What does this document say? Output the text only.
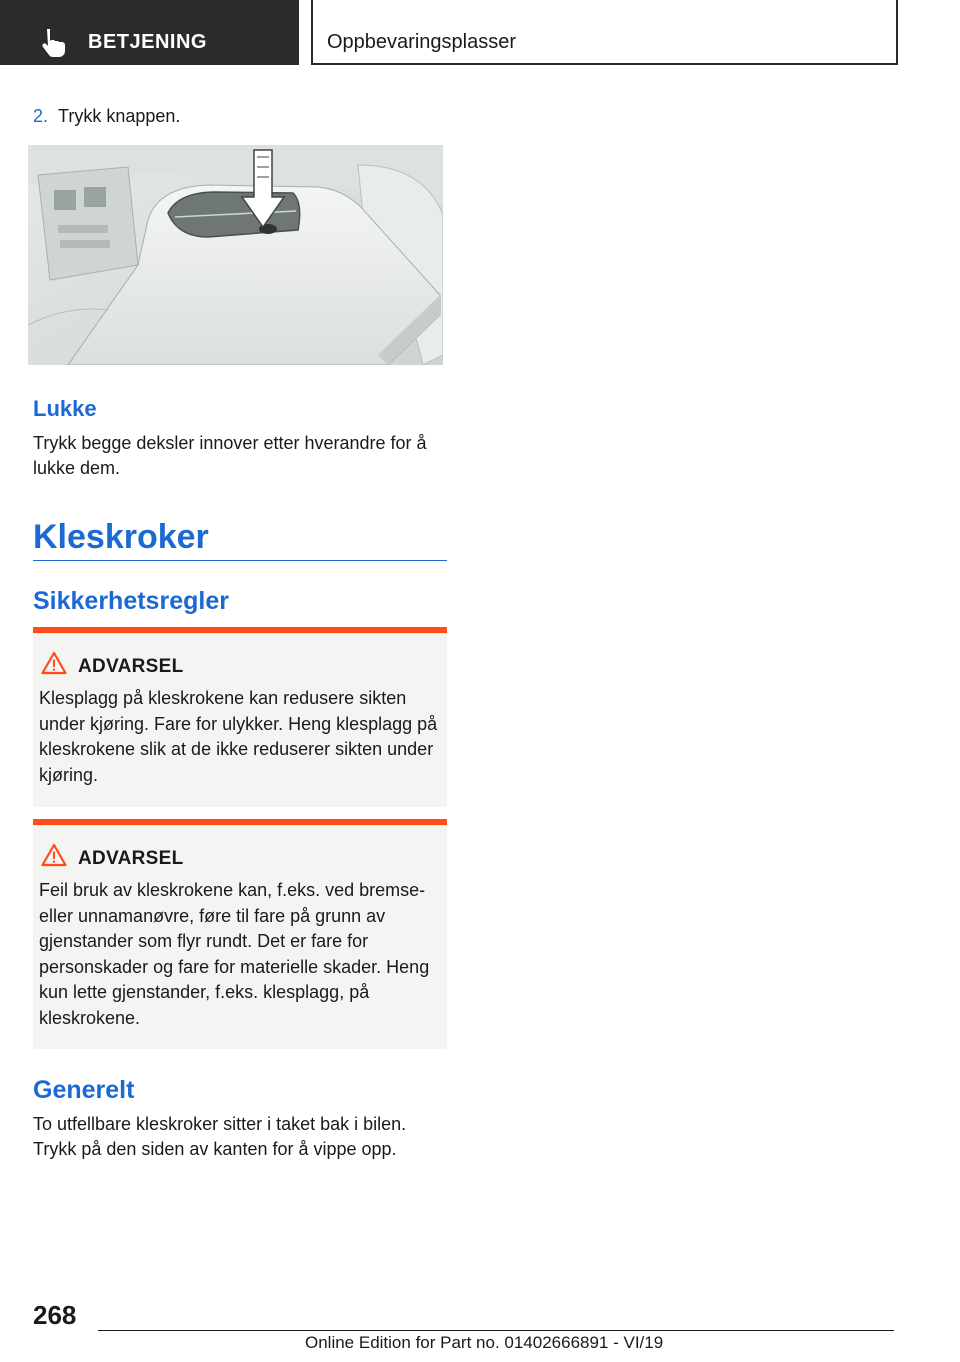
BETJENING	Oppbevaringsplasser
2. Trykk knappen.
Lukke
Trykk begge deksler innover etter hverandre for å lukke dem.
Kleskroker
Sikkerhetsregler
ADVARSEL
Klesplagg på kleskrokene kan redusere sikten under kjøring. Fare for ulykker. Heng klesplagg på kleskrokene slik at de ikke reduserer sikten under kjøring.
ADVARSEL
Feil bruk av kleskrokene kan, f.eks. ved bremse- eller unnamanøvre, føre til fare på grunn av gjenstander som flyr rundt. Det er fare for personskader og fare for materielle skader. Heng kun lette gjenstander, f.eks. klesplagg, på kleskrokene.
Generelt
To utfellbare kleskroker sitter i taket bak i bilen. Trykk på den siden av kanten for å vippe opp.
268
Online Edition for Part no. 01402666891 - VI/19
